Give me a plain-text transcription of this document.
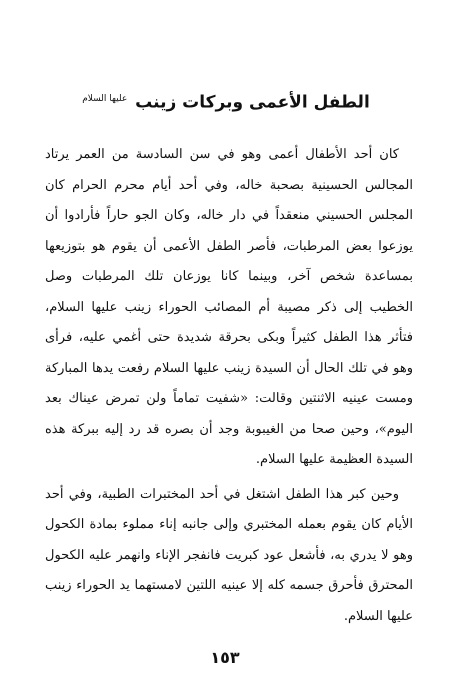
الطفل الأعمى وبركات زينب $^{عليها السلام}$

كان أحد الأطفال أعمى وهو في سن السادسة من العمر يرتاد المجالس الحسينية بصحبة خاله، وفي أحد أيام محرم الحرام كان المجلس الحسيني منعقداً في دار خاله، وكان الجو حاراً فأرادوا أن يوزعوا بعض المرطبات، فأصر الطفل الأعمى أن يقوم هو بتوزيعها بمساعدة شخص آخر، وبينما كانا يوزعان تلك المرطبات وصل الخطيب إلى ذكر مصيبة أم المصائب الحوراء زينب عليها السلام، فتأثر هذا الطفل كثيراً وبكى بحرقة شديدة حتى أغمي عليه، فرأى وهو في تلك الحال أن السيدة زينب عليها السلام رفعت يدها المباركة ومست عينيه الاثنتين وقالت: «شفيت تماماً ولن تمرض عيناك بعد اليوم»، وحين صحا من الغيبوبة وجد أن بصره قد رد إليه ببركة هذه السيدة العظيمة عليها السلام.

وحين كبر هذا الطفل اشتغل في أحد المختبرات الطبية، وفي أحد الأيام كان يقوم بعمله المختبري وإلى جانبه إناء مملوء بمادة الكحول وهو لا يدري به، فأشعل عود كبريت فانفجر الإناء وانهمر عليه الكحول المحترق فأحرق جسمه كله إلا عينيه اللتين لامستهما يد الحوراء زينب عليها السلام.

١٥٣
